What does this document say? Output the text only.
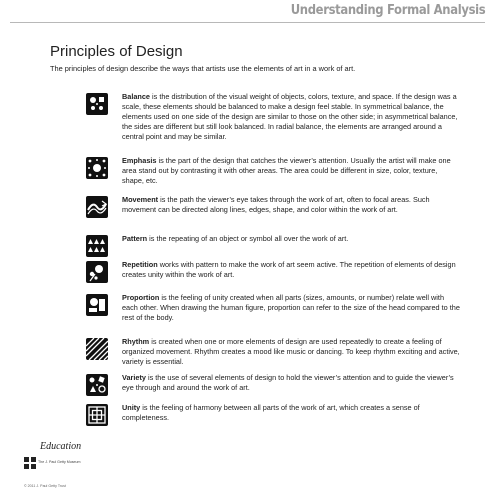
Understanding Formal Analysis
Principles of Design
The principles of design describe the ways that artists use the elements of art in a work of art.
Balance is the distribution of the visual weight of objects, colors, texture, and space. If the design was a scale, these elements should be balanced to make a design feel stable. In symmetrical balance, the elements used on one side of the design are similar to those on the other side; in asymmetrical balance, the sides are different but still look balanced. In radial balance, the elements are arranged around a central point and may be similar.
Emphasis is the part of the design that catches the viewer’s attention. Usually the artist will make one area stand out by contrasting it with other areas. The area could be different in size, color, texture, shape, etc.
Movement is the path the viewer’s eye takes through the work of art, often to focal areas. Such movement can be directed along lines, edges, shape, and color within the work of art.
Pattern is the repeating of an object or symbol all over the work of art.
Repetition works with pattern to make the work of art seem active. The repetition of elements of design creates unity within the work of art.
Proportion is the feeling of unity created when all parts (sizes, amounts, or number) relate well with each other. When drawing the human figure, proportion can refer to the size of the head compared to the rest of the body.
Rhythm is created when one or more elements of design are used repeatedly to create a feeling of organized movement. Rhythm creates a mood like music or dancing. To keep rhythm exciting and active, variety is essential.
Variety is the use of several elements of design to hold the viewer’s attention and to guide the viewer’s eye through and around the work of art.
Unity is the feeling of harmony between all parts of the work of art, which creates a sense of completeness.
Education
The J. Paul Getty Museum
© 2011 J. Paul Getty Trust
